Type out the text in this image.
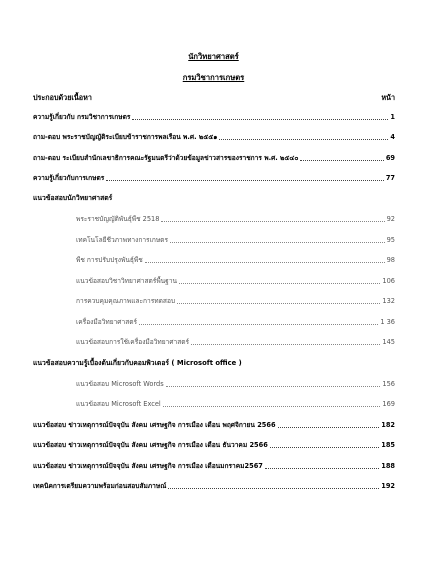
นักวิทยาศาสตร์
กรมวิชาการเกษตร
ประกอบด้วยเนื้อหา	หน้า
ความรู้เกี่ยวกับ กรมวิชาการเกษตร	1
ถาม-ตอบ พระราชบัญญัติระเบียบข้าราชการพลเรือน พ.ศ. ๒๕๕๑	4
ถาม-ตอบ ระเบียบสำนักเลขาธิการคณะรัฐมนตรีว่าด้วยข้อมูลข่าวสารของราชการ พ.ศ. ๒๕๔๐	69
ความรู้เกี่ยวกับการเกษตร	77
แนวข้อสอบนักวิทยาศาสตร์
พระราชบัญญัติพันธุ์พืช 2518	92
เทคโนโลยีชีวภาพทางการเกษตร	95
พืช การปรับปรุงพันธุ์พืช	98
แนวข้อสอบวิชาวิทยาศาสตร์พื้นฐาน	106
การควบคุมคุณภาพและการทดสอบ	132
เครื่องมือวิทยาศาสตร์	1 36
แนวข้อสอบการใช้เครื่องมือวิทยาศาสตร์	145
แนวข้อสอบความรู้เบื้องต้นเกี่ยวกับคอมพิวเตอร์ ( Microsoft office )
แนวข้อสอบ Microsoft Words	156
แนวข้อสอบ Microsoft Excel	169
แนวข้อสอบ ข่าวเหตุการณ์ปัจจุบัน สังคม เศรษฐกิจ การเมือง เดือน พฤศจิกายน 2566	182
แนวข้อสอบ ข่าวเหตุการณ์ปัจจุบัน สังคม เศรษฐกิจ การเมือง เดือน ธันวาคม 2566	185
แนวข้อสอบ ข่าวเหตุการณ์ปัจจุบัน สังคม เศรษฐกิจ การเมือง เดือนมกราคม2567	188
เทคนิคการเตรียมความพร้อมก่อนสอบสัมภาษณ์	192
